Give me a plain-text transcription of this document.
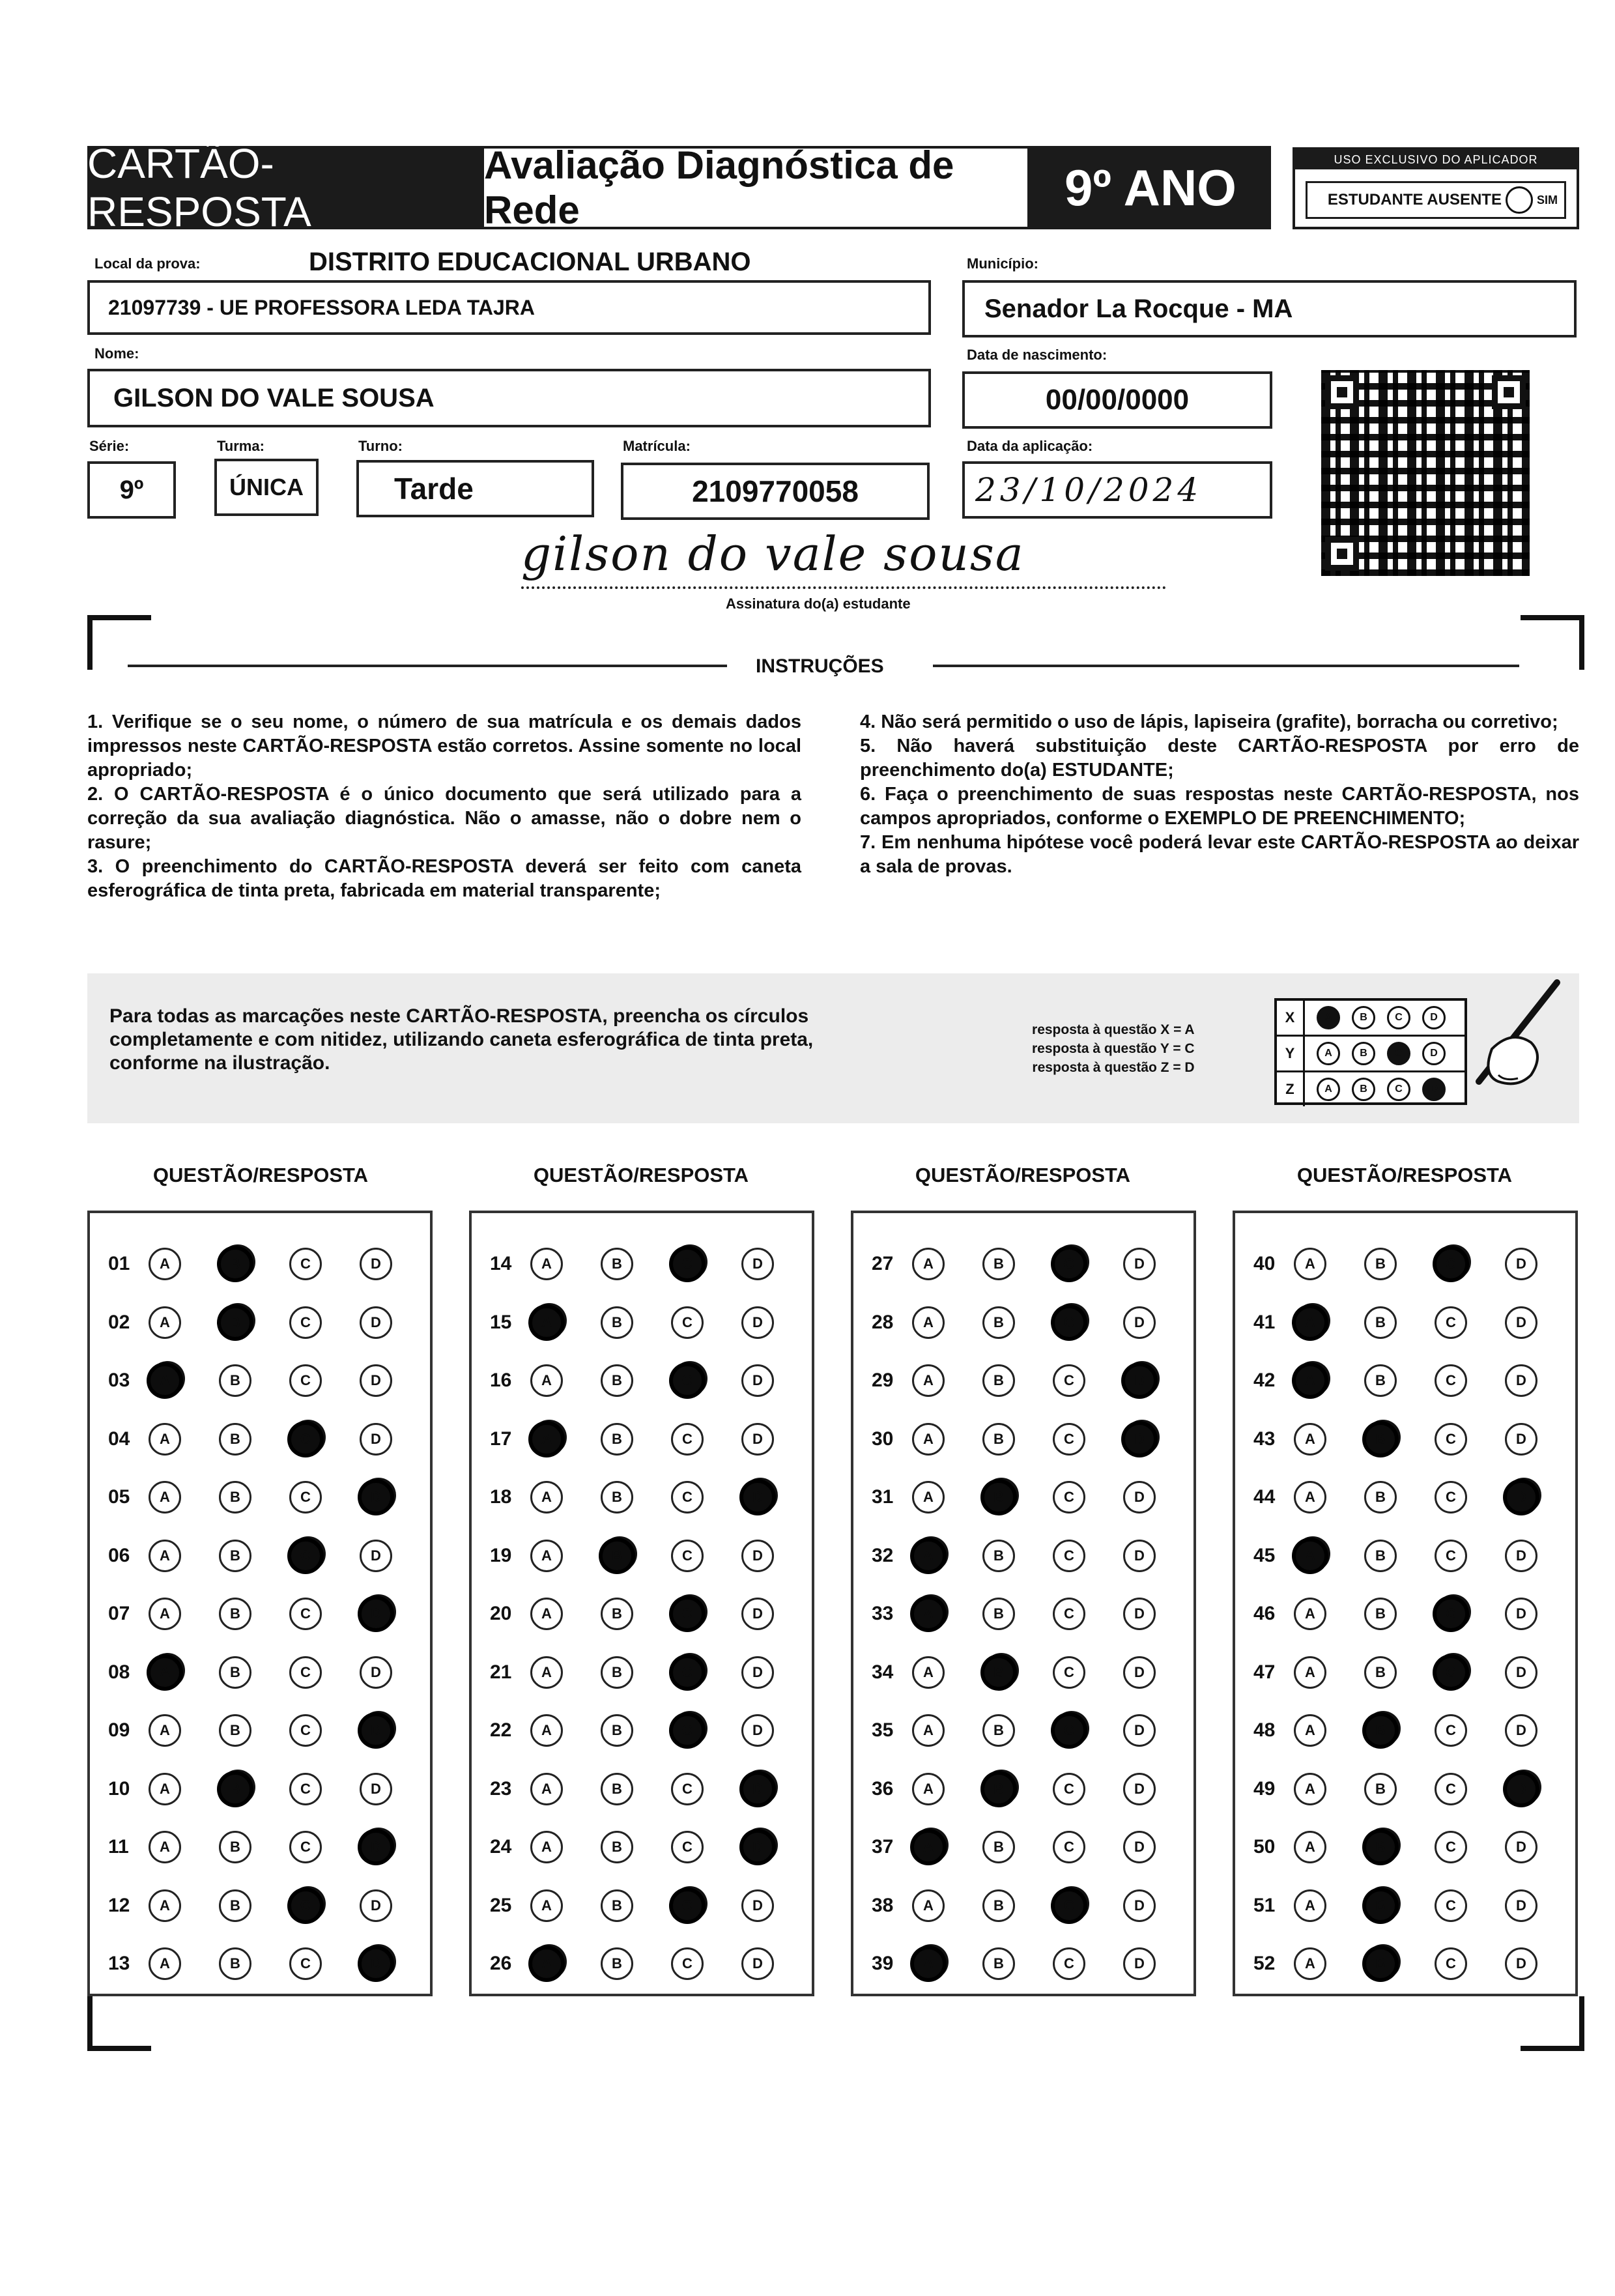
CARTÃO-RESPOSTA
Avaliação Diagnóstica de Rede	9º ANO	USO EXCLUSIVO DO APLICADOR
ESTUDANTE AUSENTE	SIM
Local da prova:	DISTRITO EDUCACIONAL URBANO
21097739 - UE PROFESSORA LEDA TAJRA
Município:
Senador La Rocque - MA
Nome:
GILSON DO VALE SOUSA
Data de nascimento:
00/00/0000
Série:
9º
Turma:
ÚNICA
Turno:
Tarde
Matrícula:
2109770058
Data da aplicação:
23/10/2024
gilson do vale sousa
Assinatura do(a) estudante
INSTRUÇÕES

1. Verifique se o seu nome, o número de sua matrícula e os demais dados impressos neste CARTÃO-RESPOSTA estão corretos. Assine somente no local apropriado;

2. O CARTÃO-RESPOSTA é o único documento que será utilizado para a correção da sua avaliação diagnóstica. Não o amasse, não o dobre nem o rasure;

3. O preenchimento do CARTÃO-RESPOSTA deverá ser feito com caneta esferográfica de tinta preta, fabricada em material transparente;

4. Não será permitido o uso de lápis, lapiseira (grafite), borracha ou corretivo;

5. Não haverá substituição deste CARTÃO-RESPOSTA por erro de preenchimento do(a) ESTUDANTE;

6. Faça o preenchimento de suas respostas neste CARTÃO-RESPOSTA, nos campos apropriados, conforme o EXEMPLO DE PREENCHIMENTO;

7. Em nenhuma hipótese você poderá levar este CARTÃO-RESPOSTA ao deixar a sala de provas.

Para todas as marcações neste CARTÃO-RESPOSTA, preencha os círculos completamente e com nitidez, utilizando caneta esferográfica de tinta preta, conforme na ilustração.
resposta à questão X = A
resposta à questão Y = C
resposta à questão Z = D
X	A	B	C	D
Y	A	B	C	D
Z	A	B	C	D
QUESTÃO/RESPOSTA
01	A	B	C	D
02	A	B	C	D
03	A	B	C	D
04	A	B	C	D
05	A	B	C	D
06	A	B	C	D
07	A	B	C	D
08	A	B	C	D
09	A	B	C	D
10	A	B	C	D
11	A	B	C	D
12	A	B	C	D
13	A	B	C	D
QUESTÃO/RESPOSTA
14	A	B	C	D
15	A	B	C	D
16	A	B	C	D
17	A	B	C	D
18	A	B	C	D
19	A	B	C	D
20	A	B	C	D
21	A	B	C	D
22	A	B	C	D
23	A	B	C	D
24	A	B	C	D
25	A	B	C	D
26	A	B	C	D
QUESTÃO/RESPOSTA
27	A	B	C	D
28	A	B	C	D
29	A	B	C	D
30	A	B	C	D
31	A	B	C	D
32	A	B	C	D
33	A	B	C	D
34	A	B	C	D
35	A	B	C	D
36	A	B	C	D
37	A	B	C	D
38	A	B	C	D
39	A	B	C	D
QUESTÃO/RESPOSTA
40	A	B	C	D
41	A	B	C	D
42	A	B	C	D
43	A	B	C	D
44	A	B	C	D
45	A	B	C	D
46	A	B	C	D
47	A	B	C	D
48	A	B	C	D
49	A	B	C	D
50	A	B	C	D
51	A	B	C	D
52	A	B	C	D
